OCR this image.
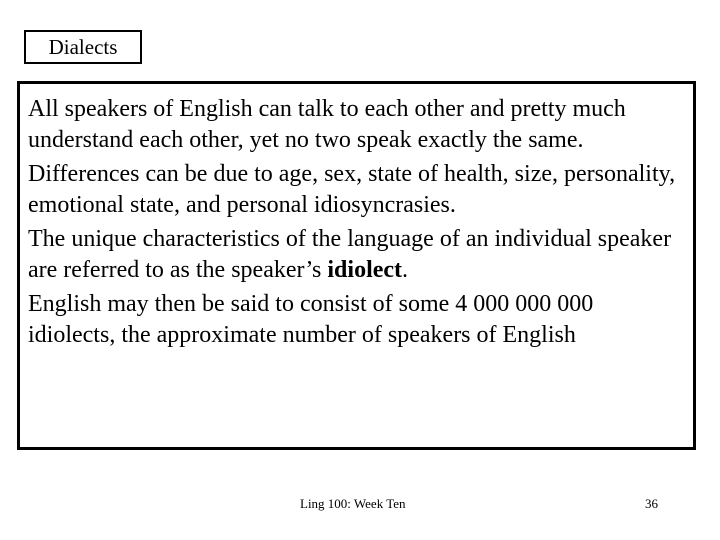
Dialects

All speakers of English can talk to each other and pretty much understand each other, yet no two speak exactly the same.

Differences can be due to age, sex, state of health, size, personality, emotional state, and personal idiosyncrasies.

The unique characteristics of the language of an individual speaker are referred to as the speaker’s idiolect.

English may then be said to consist of some 4 000 000 000 idiolects, the approximate number of speakers of English

Ling 100: Week Ten	36
